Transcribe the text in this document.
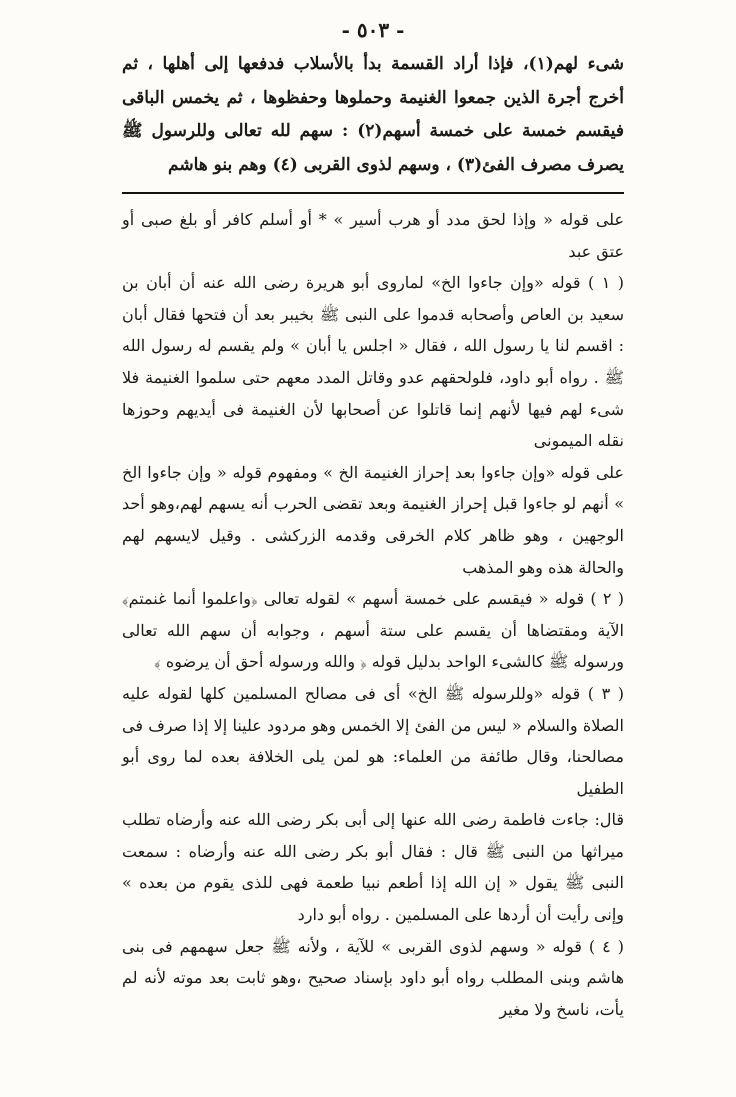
- ٥٠٣ -

شىء لهم(١)، فإذا أراد القسمة بدأ بالأسلاب فدفعها إلى أهلها ، ثم أخرج أجرة الذين جمعوا الغنيمة وحملوها وحفظوها ، ثم يخمس الباقى فيقسم خمسة على خمسة أسهم(٢) : سهم لله تعالى وللرسول ﷺ يصرف مصرف الفئ(٣) ، وسهم لذوى القربى (٤) وهم بنو هاشم

على قوله « وإذا لحق مدد أو هرب أسير » * أو أسلم كافر أو بلغ صبى أو عتق عبد

( ١ ) قوله «وإن جاءوا الخ» لماروى أبو هريرة رضى الله عنه أن أبان بن سعيد بن العاص وأصحابه قدموا على النبى ﷺ بخيبر بعد أن فتحها فقال أبان : اقسم لنا يا رسول الله ، فقال « اجلس يا أبان » ولم يقسم له رسول الله ﷺ . رواه أبو داود، فلولحقهم عدو وقاتل المدد معهم حتى سلموا الغنيمة فلا شىء لهم فيها لأنهم إنما قاتلوا عن أصحابها لأن الغنيمة فى أيديهم وحوزها نقله الميمونى

على قوله «وإن جاءوا بعد إحراز الغنيمة الخ » ومفهوم قوله « وإن جاءوا الخ » أنهم لو جاءوا قبل إحراز الغنيمة وبعد تقضى الحرب أنه يسهم لهم،وهو أحد الوجهين ، وهو ظاهر كلام الخرقى وقدمه الزركشى . وقيل لايسهم لهم والحالة هذه وهو المذهب

( ٢ ) قوله « فيقسم على خمسة أسهم » لقوله تعالى ﴿واعلموا أنما غنمتم﴾ الآية ومقتضاها أن يقسم على ستة أسهم ، وجوابه أن سهم الله تعالى ورسوله ﷺ كالشىء الواحد بدليل قوله ﴿ والله ورسوله أحق أن يرضوه ﴾

( ٣ ) قوله «وللرسوله ﷺ الخ» أى فى مصالح المسلمين كلها لقوله عليه الصلاة والسلام « ليس من الفئ إلا الخمس وهو مردود علينا إلا إذا صرف فى مصالحنا، وقال طائفة من العلماء: هو لمن يلى الخلافة بعده لما روى أبو الطفيل

قال: جاءت فاطمة رضى الله عنها إلى أبى بكر رضى الله عنه وأرضاه تطلب ميراثها من النبى ﷺ قال : فقال أبو بكر رضى الله عنه وأرضاه : سمعت النبى ﷺ يقول « إن الله إذا أطعم نبيا طعمة فهى للذى يقوم من بعده » وإنى رأيت أن أردها على المسلمين . رواه أبو دارد

( ٤ ) قوله « وسهم لذوى القربى » للآية ، ولأنه ﷺ جعل سهمهم فى بنى هاشم وبنى المطلب رواه أبو داود بإسناد صحيح ،وهو ثابت بعد موته لأنه لم يأت، ناسخ ولا مغير
